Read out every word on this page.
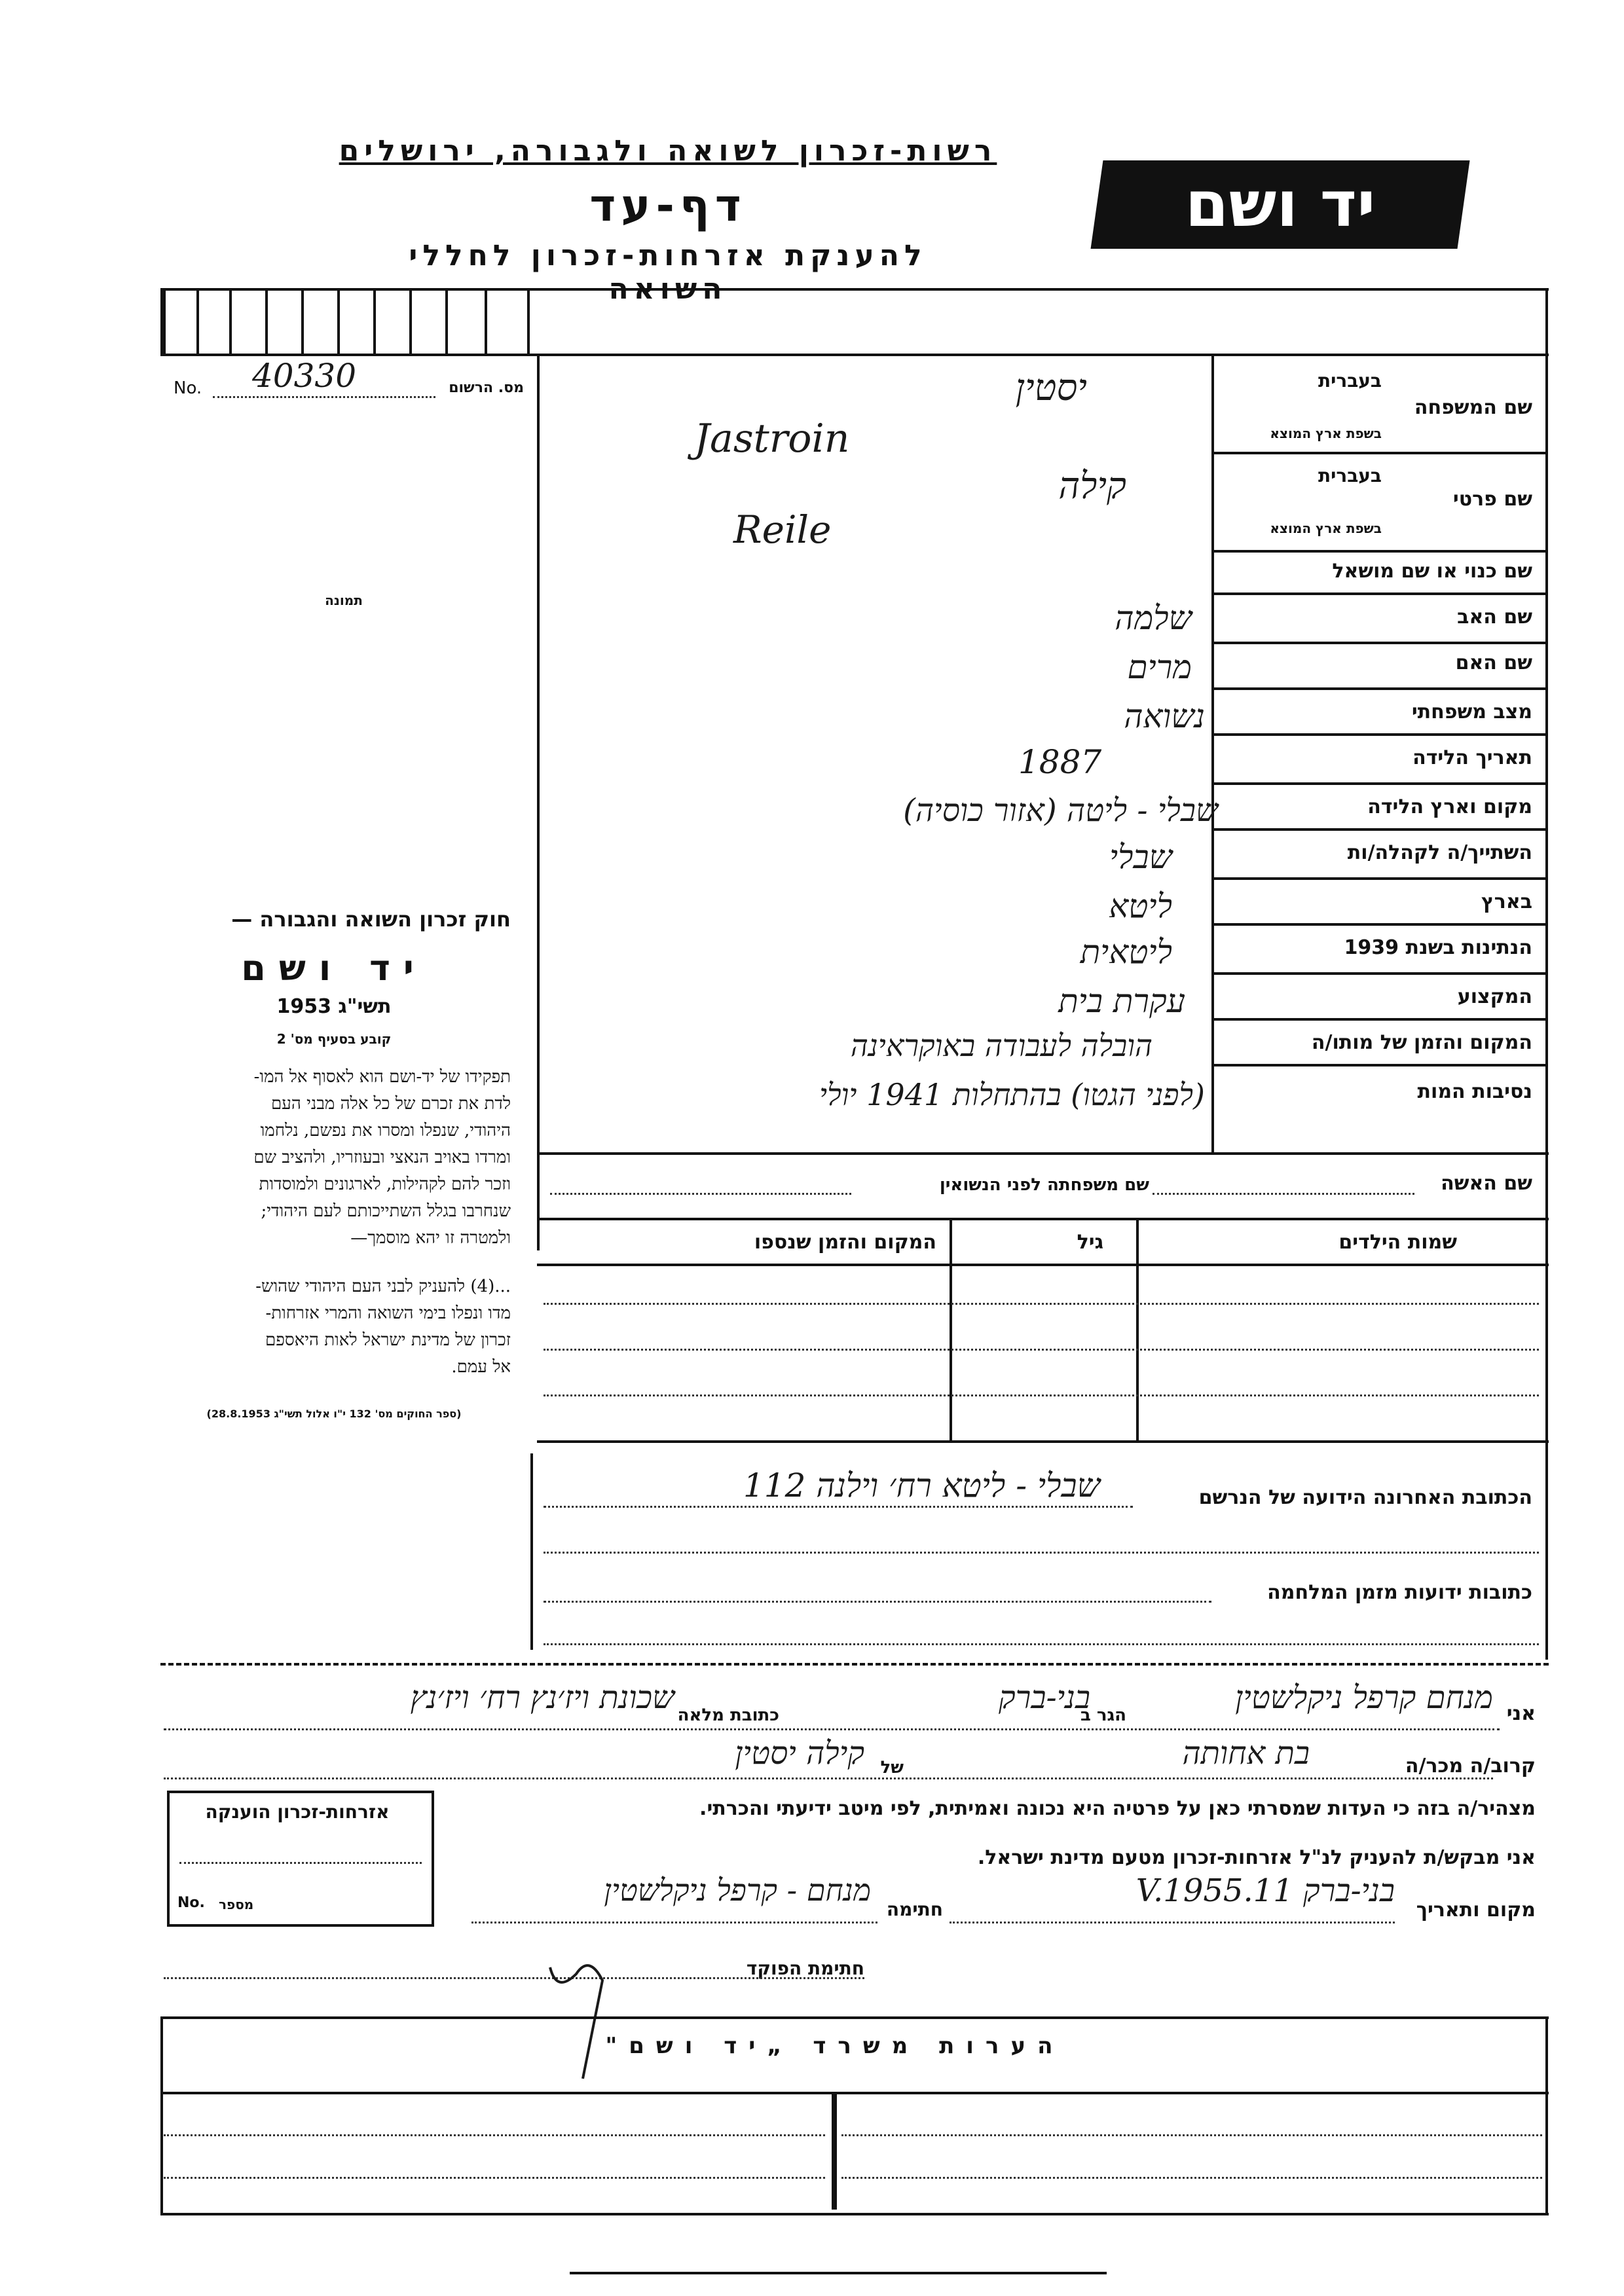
יד ושם
רשות-זכרון לשואה ולגבורה, ירושלים
דף-עד
להענקת אזרחות-זכרון לחללי השואה
No. 40330	מס. הרשום
תמונה
חוק זכרון השואה והגבורה —
יד ושם
תשי"ג 1953
קובע בסעיף מס' 2
תפקידו של יד-ושם הוא לאסוף אל המו-
לדת את זכרם של כל אלה מבני העם
היהודי, שנפלו ומסרו את נפשם, נלחמו
ומרדו באויב הנאצי ובעוזריו, ולהציב שם
וזכר להם לקהילות, לארגונים ולמוסדות
שנחרבו בגלל השתייכותם לעם היהודי;
ולמטרה זו יהא מוסמך—
...(4) להעניק לבני העם היהודי שהוש-
מדו ונפלו בימי השואה והמרי אזרחות-
זכרון של מדינת ישראל לאות היאספם
אל עמם.
(ספר החוקים מס' 132 י"ו אלול תשי"ג 28.8.1953)
שם המשפחה
בעברית
בשפת ארץ המוצא
יסטין
Jastroin
שם פרטי
בעברית
בשפת ארץ המוצא
קילה
Reile
שם כנוי או שם מושאל
שם האב
שלמה
שם האם
מרים
מצב משפחתי
נשואה
תאריך הלידה
1887
מקום וארץ הלידה
שבלי - ליטה (אזור כוסיה)
השתייך/ה לקהלה/ות
שבלי
בארץ
ליטא
הנתינות בשנת 1939
ליטאית
המקצוע
עקרת בית
המקום והזמן של מותו/ה
הובלה לעבודה באוקראינה
נסיבות המות
(לפני הגטו) בהתחלות 1941 יולי
שם האשה
שם משפחתה לפני הנשואין
שמות הילדים
גיל
המקום והזמן שנספו
הכתובת האחרונה הידועה של הנרשם
שבלי - ליטא רח׳ וילנה 112
כתובות ידועות מזמן המלחמה
אני
מנחם קרפל ניקלשטין
הגר ב
בני-ברק
כתובת מלאה
שכונת ויז׳נץ רח׳ ויז׳נץ
קרוב/ה מכר/ה
בת אחותה
של
קילה יסטין
מצהיר/ה בזה כי העדות שמסרתי כאן על פרטיה היא נכונה ואמיתית, לפי מיטב ידיעתי והכרתי.
אני מבקש/ת להעניק לנ"ל אזרחות-זכרון מטעם מדינת ישראל.
מקום ותאריך
בני-ברק 11.V.1955
חתימה
מנחם - קרפל ניקלשטין
חתימת הפוקד
אזרחות-זכרון הוענקה
No. מספר
הערות משרד „יד ושם"
